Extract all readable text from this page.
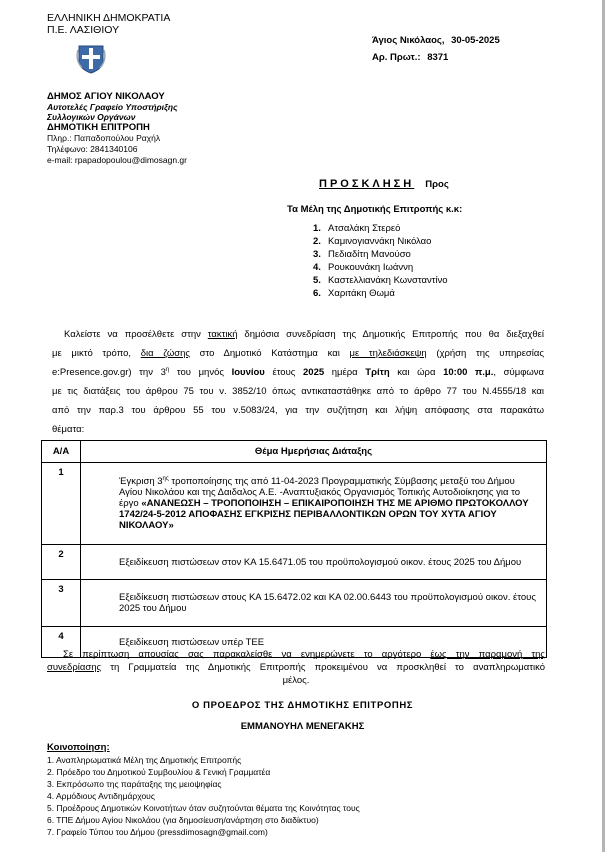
ΕΛΛΗΝΙΚΗ ΔΗΜΟΚΡΑΤΙΑ
Π.Ε. ΛΑΣΙΘΙΟΥ
ΔΗΜΟΣ ΑΓΙΟΥ ΝΙΚΟΛΑΟΥ
Αυτοτελές Γραφείο Υποστήριξης
Συλλογικών Οργάνων
ΔΗΜΟΤΙΚΗ ΕΠΙΤΡΟΠΗ
Πληρ.: Παπαδοπούλου Ραχήλ
Τηλέφωνο: 2841340106
e-mail: rpapadopoulou@dimosagn.gr
Άγιος Νικόλαος, 30-05-2025
Αρ. Πρωτ.: 8371
ΠΡΟΣΚΛΗΣΗ Προς
Τα Μέλη της Δημοτικής Επιτροπής κ.κ:
1. Ατσαλάκη Στερεό
2. Καμινογιαννάκη Νικόλαο
3. Πεδιαδίτη Μανούσο
4. Ρουκουνάκη Ιωάννη
5. Καστελλιανάκη Κωνσταντίνο
6. Χαριτάκη Θωμά
Καλείστε να προσέλθετε στην τακτική δημόσια συνεδρίαση της Δημοτικής Επιτροπής που θα διεξαχθεί
με μικτό τρόπο, δια ζώσης στο Δημοτικό Κατάστημα και με τηλεδιάσκεψη (χρήση της υπηρεσίας
e:Presence.gov.gr) την $3^\eta$ του μηνός Ιουνίου έτους 2025 ημέρα Τρίτη και ώρα 10:00 π.μ., σύμφωνα
με τις διατάξεις του άρθρου 75 του ν. 3852/10 όπως αντικαταστάθηκε από το άρθρο 77 του Ν.4555/18 και
από την παρ.3 του άρθρου 55 του ν.5083/24, για την συζήτηση και λήψη απόφασης στα παρακάτω
θέματα:
Α/Α	Θέμα Ημερήσιας Διάταξης
1	Έγκριση $3^{\eta\varsigma}$ τροποποίησης της από 11-04-2023 Προγραμματικής Σύμβασης μεταξύ του Δήμου Αγίου Νικολάου και της Δαιδαλος Α.Ε. -Αναπτυξιακός Οργανισμός Τοπικής Αυτοδιοίκησης για το έργο «ΑΝΑΝΕΩΣΗ – ΤΡΟΠΟΠΟΙΗΣΗ – ΕΠΙΚΑΙΡΟΠΟΙΗΣΗ ΤΗΣ ΜΕ ΑΡΙΘΜΟ ΠΡΩΤΟΚΟΛΛΟΥ 1742/24-5-2012 ΑΠΟΦΑΣΗΣ ΕΓΚΡΙΣΗΣ ΠΕΡΙΒΑΛΛΟΝΤΙΚΩΝ ΟΡΩΝ ΤΟΥ ΧΥΤΑ ΑΓΙΟΥ ΝΙΚΟΛΑΟΥ»
2	Εξειδίκευση πιστώσεων στον ΚΑ 15.6471.05 του προϋπολογισμού οικον. έτους 2025 του Δήμου
3	Εξειδίκευση πιστώσεων στους ΚΑ 15.6472.02 και ΚΑ 02.00.6443 του προϋπολογισμού οικον. έτους 2025 του Δήμου
4	Εξειδίκευση πιστώσεων υπέρ ΤΕΕ
Σε περίπτωση απουσίας σας παρακαλείσθε να ενημερώνετε το αργότερο έως την παραμονή της
συνεδρίασης τη Γραμματεία της Δημοτικής Επιτροπής προκειμένου να προσκληθεί το αναπληρωματικό
μέλος.
Ο ΠΡΟΕΔΡΟΣ ΤΗΣ ΔΗΜΟΤΙΚΗΣ ΕΠΙΤΡΟΠΗΣ
ΕΜΜΑΝΟΥΗΛ ΜΕΝΕΓΑΚΗΣ
Κοινοποίηση:
1. Αναπληρωματικά Μέλη της Δημοτικής Επιτροπής
2. Πρόεδρο του Δημοτικού Συμβουλίου & Γενική Γραμματέα
3. Εκπρόσωπο της παράταξης της μειοψηφίας
4. Αρμόδιους Αντιδημάρχους
5. Προέδρους Δημοτικών Κοινοτήτων όταν συζητούνται θέματα της Κοινότητας τους
6. ΤΠΕ Δήμου Αγίου Νικολάου (για δημοσίευση/ανάρτηση στο διαδίκτυο)
7. Γραφείο Τύπου του Δήμου (pressdimosagn@gmail.com)
